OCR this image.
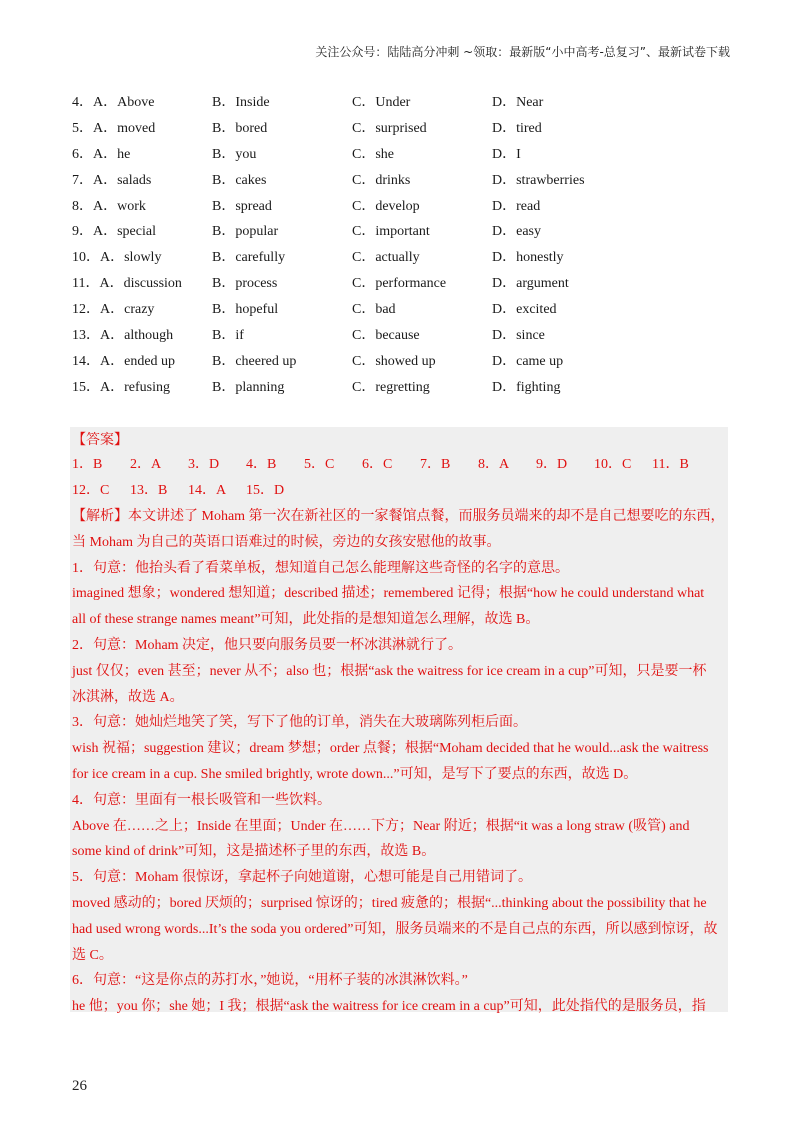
关注公众号：陆陆高分冲刺 ~领取：最新版“小中高考-总复习”、最新试卷下载
4．A．Above	B．Inside	C．Under	D．Near
5．A．moved	B．bored	C．surprised	D．tired
6．A．he	B．you	C．she	D．I
7．A．salads	B．cakes	C．drinks	D．strawberries
8．A．work	B．spread	C．develop	D．read
9．A．special	B．popular	C．important	D．easy
10．A．slowly	B．carefully	C．actually	D．honestly
11．A．discussion	B．process	C．performance	D．argument
12．A．crazy	B．hopeful	C．bad	D．excited
13．A．although	B．if	C．because	D．since
14．A．ended up	B．cheered up	C．showed up	D．came up
15．A．refusing	B．planning	C．regretting	D．fighting
【答案】
1．B	2．A	3．D	4．B	5．C	6．C	7．B	8．A	9．D	10．C	11．B
12．C	13．B	14．A	15．D
【解析】本文讲述了 Moham 第一次在新社区的一家餐馆点餐，而服务员端来的却不是自己想要吃的东西，
当 Moham 为自己的英语口语难过的时候，旁边的女孩安慰他的故事。
1．句意：他抬头看了看菜单板，想知道自己怎么能理解这些奇怪的名字的意思。
imagined 想象；wondered 想知道；described 描述；remembered 记得；根据“how he could understand what
all of these strange names meant”可知，此处指的是想知道怎么理解，故选 B。
2．句意：Moham 决定，他只要向服务员要一杯冰淇淋就行了。
just 仅仅；even 甚至；never 从不；also 也；根据“ask the waitress for ice cream in a cup”可知，只是要一杯
冰淇淋，故选 A。
3．句意：她灿烂地笑了笑，写下了他的订单，消失在大玻璃陈列柜后面。
wish 祝福；suggestion 建议；dream 梦想；order 点餐；根据“Moham decided that he would...ask the waitress
for ice cream in a cup. She smiled brightly, wrote down...”可知，是写下了要点的东西，故选 D。
4．句意：里面有一根长吸管和一些饮料。
Above 在……之上；Inside 在里面；Under 在……下方；Near 附近；根据“it was a long straw (吸管) and
some kind of drink”可知，这是描述杯子里的东西，故选 B。
5．句意：Moham 很惊讶，拿起杯子向她道谢，心想可能是自己用错词了。
moved 感动的；bored 厌烦的；surprised 惊讶的；tired 疲惫的；根据“...thinking about the possibility that he
had used wrong words...It’s the soda you ordered”可知，服务员端来的不是自己点的东西，所以感到惊讶，故
选 C。
6．句意：“这是你点的苏打水，”她说，“用杯子装的冰淇淋饮料。”
he 他；you 你；she 她；I 我；根据“ask the waitress for ice cream in a cup”可知，此处指代的是服务员，指
26
